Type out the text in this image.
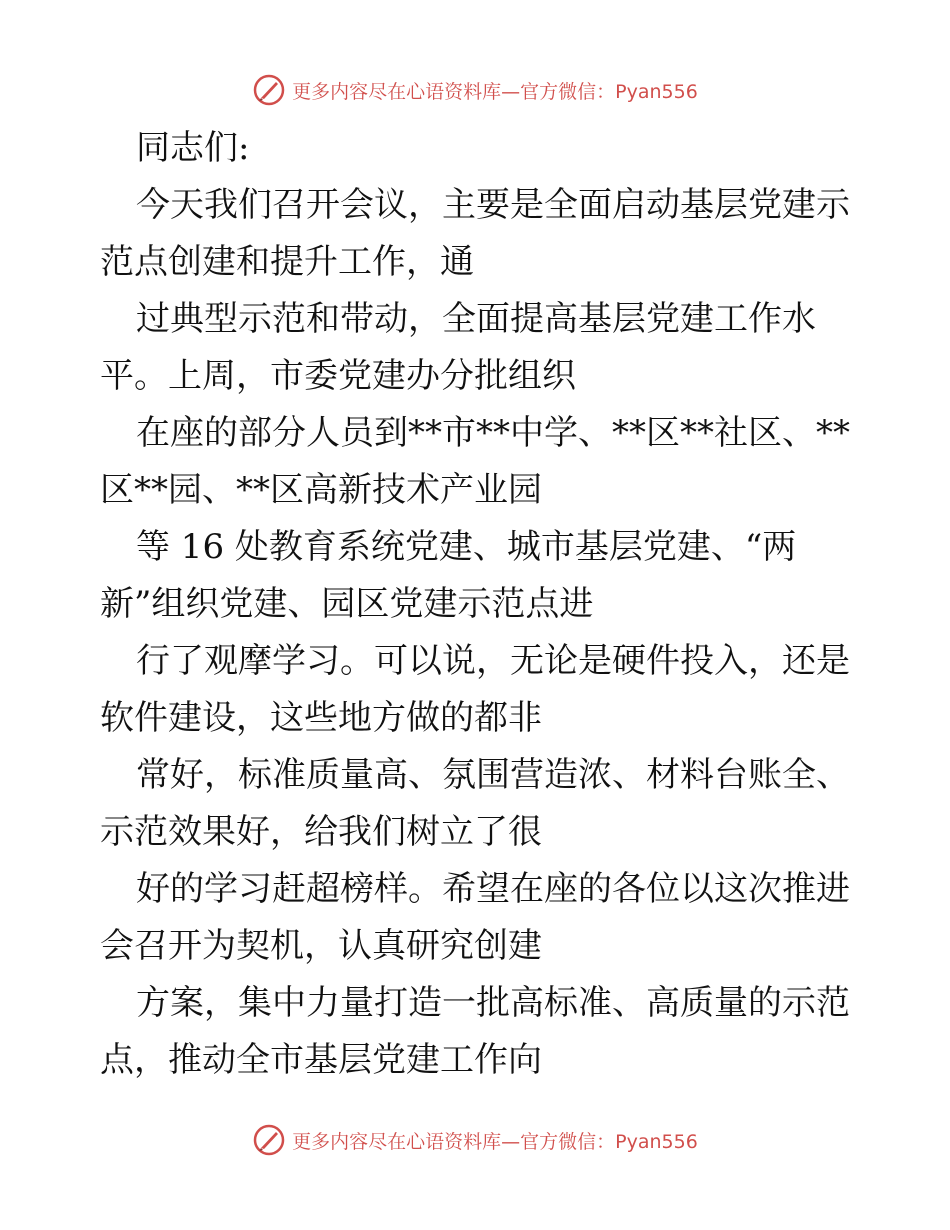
更多内容尽在心语资料库—官方微信：Pyan556
同志们:
今天我们召开会议，主要是全面启动基层党建示
范点创建和提升工作，通
过典型示范和带动，全面提高基层党建工作水
平。上周，市委党建办分批组织
在座的部分人员到**市**中学、**区**社区、**
区**园、**区高新技术产业园
等 16 处教育系统党建、城市基层党建、“两
新”组织党建、园区党建示范点进
行了观摩学习。可以说，无论是硬件投入，还是
软件建设，这些地方做的都非
常好，标准质量高、氛围营造浓、材料台账全、
示范效果好，给我们树立了很
好的学习赶超榜样。希望在座的各位以这次推进
会召开为契机，认真研究创建
方案，集中力量打造一批高标准、高质量的示范
点，推动全市基层党建工作向
更多内容尽在心语资料库—官方微信：Pyan556
